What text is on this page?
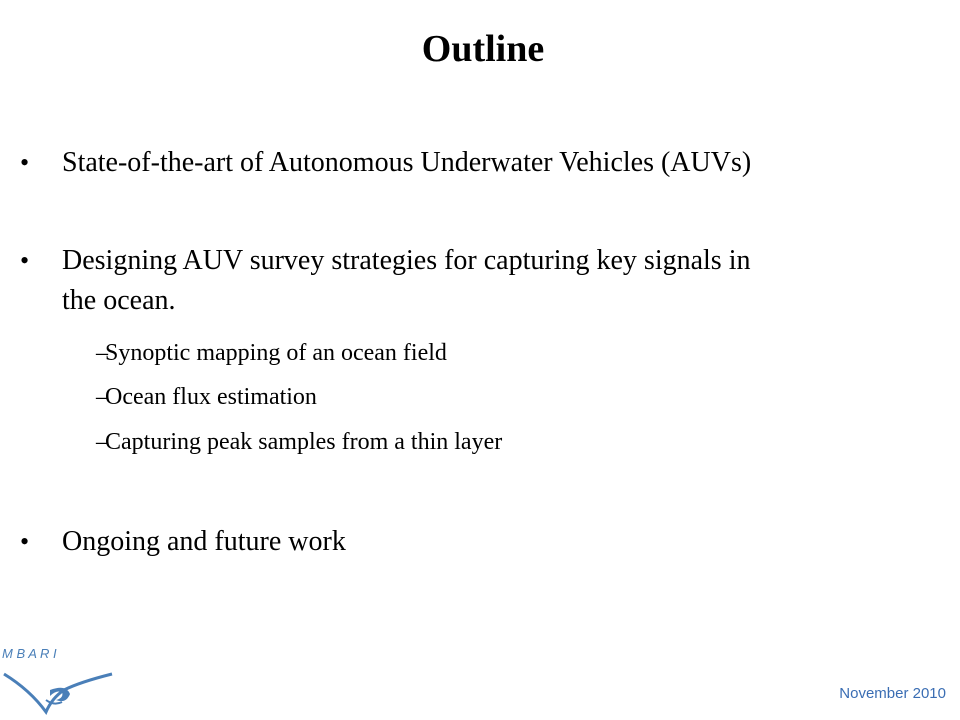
Outline
•	State-of-the-art of Autonomous Underwater Vehicles (AUVs)
•	Designing AUV survey strategies for capturing key signals in
the ocean.
–
Synoptic mapping of an ocean field
–
Ocean flux estimation
–
Capturing peak samples from a thin layer
•	Ongoing and future work
M B A R I
November 2010
